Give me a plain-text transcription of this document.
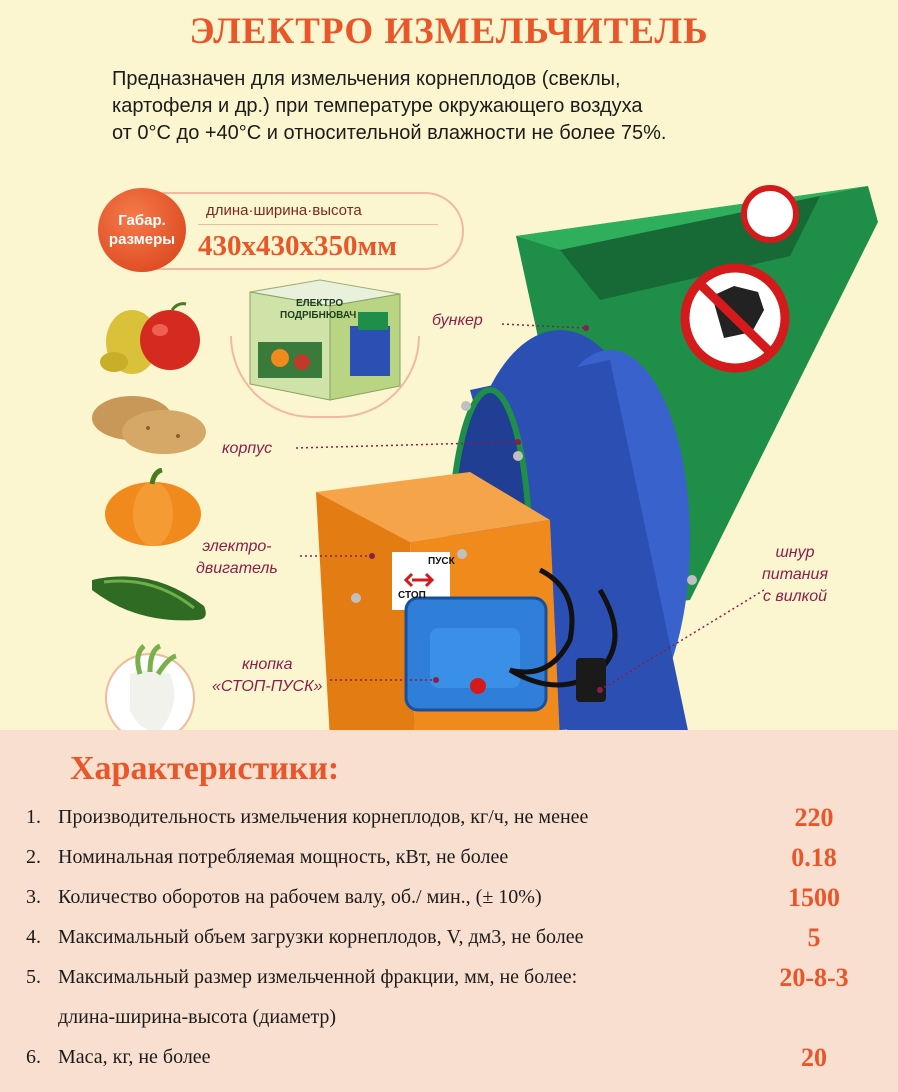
ЭЛЕКТРО ИЗМЕЛЬЧИТЕЛЬ
Предназначен для измельчения корнеплодов (свеклы,
картофеля и др.) при температуре окружающего воздуха
от 0°С до +40°С и относительной влажности не более 75%.
Габар.
размеры
длина·ширина·высота
430х430х350мм
ЕЛЕКТРО
ПОДРІБНЮВАЧ
ПУСК
СТОП
бункер
корпус
электро-
двигатель
кнопка
«СТОП-ПУСК»
шнур
питания
с вилкой
Характеристики:
1. Производительность измельчения корнеплодов, кг/ч, не менее	220
2. Номинальная потребляемая мощность, кВт, не более	0.18
3. Количество оборотов на рабочем валу, об./ мин., (± 10%)	1500
4. Максимальный объем загрузки корнеплодов, V, дм3, не более	5
5. Максимальный размер измельченной фракции, мм, не более:	20-8-3
длина-ширина-высота (диаметр)
6. Маса, кг, не более	20
